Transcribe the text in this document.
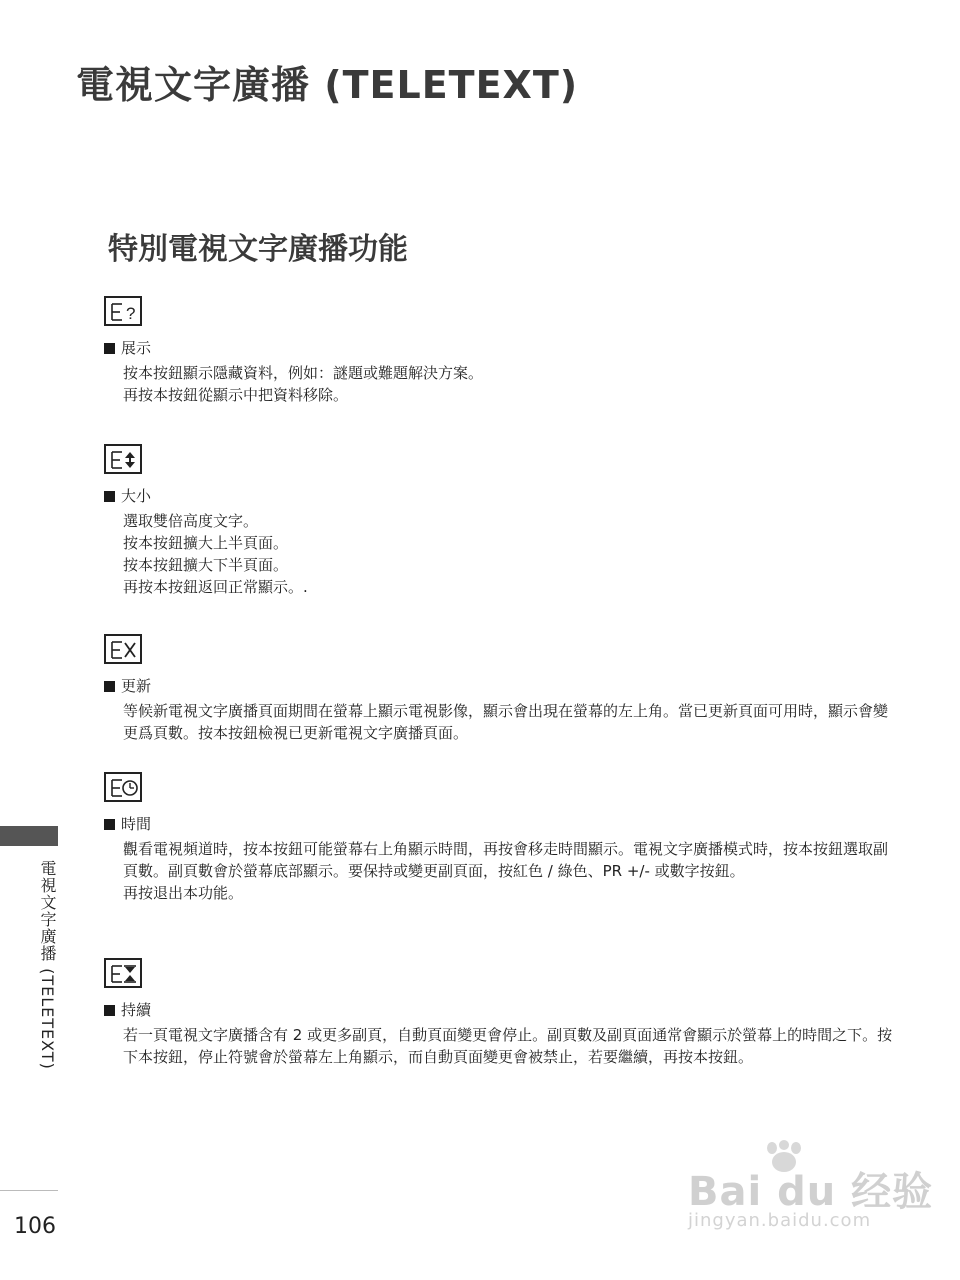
電視文字廣播 (TELETEXT)
特別電視文字廣播功能
?
展示

按本按鈕顯示隱藏資料，例如：謎題或難題解決方案。

再按本按鈕從顯示中把資料移除。

大小

選取雙倍高度文字。

按本按鈕擴大上半頁面。

按本按鈕擴大下半頁面。

再按本按鈕返回正常顯示。.

更新

等候新電視文字廣播頁面期間在螢幕上顯示電視影像，顯示會出現在螢幕的左上角。當已更新頁面可用時，顯示會變更爲頁數。按本按鈕檢視已更新電視文字廣播頁面。

時間

觀看電視頻道時，按本按鈕可能螢幕右上角顯示時間，再按會移走時間顯示。電視文字廣播模式時，按本按鈕選取副頁數。副頁數會於螢幕底部顯示。要保持或變更副頁面，按紅色 / 綠色、PR +/- 或數字按鈕。

再按退出本功能。

持續

若一頁電視文字廣播含有 2 或更多副頁，自動頁面變更會停止。副頁數及副頁面通常會顯示於螢幕上的時間之下。按下本按鈕，停止符號會於螢幕左上角顯示，而自動頁面變更會被禁止，若要繼續，再按本按鈕。

電視文字廣播 (TELETEXT)
106
Bai du 经验
jingyan.baidu.com
